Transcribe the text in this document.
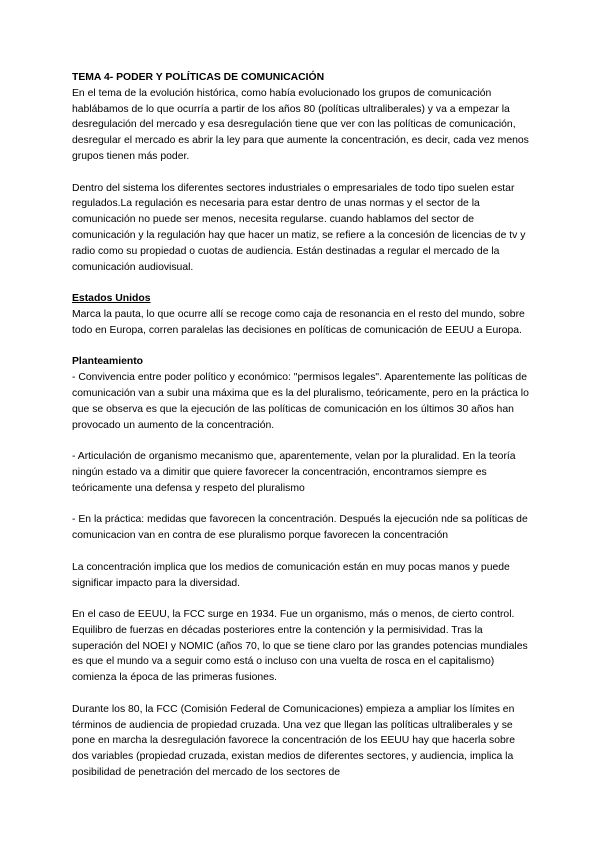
TEMA 4- PODER Y POLÍTICAS DE COMUNICACIÓN

En el tema de la evolución histórica, como había evolucionado los grupos de comunicación hablábamos de lo que ocurría a partir de los años 80 (políticas ultraliberales) y va a empezar la desregulación del mercado y esa desregulación tiene que ver con las políticas de comunicación, desregular el mercado es abrir la ley para que aumente la concentración, es decir, cada vez menos grupos tienen más poder.

Dentro del sistema los diferentes sectores industriales o empresariales de todo tipo suelen estar regulados.La regulación es necesaria para estar dentro de unas normas y el sector de la comunicación no puede ser menos, necesita regularse. cuando hablamos del sector de comunicación y la regulación hay que hacer un matiz, se refiere a la concesión de licencias de tv y radio como su propiedad o cuotas de audiencia. Están destinadas a regular el mercado de la comunicación audiovisual.

Estados Unidos

Marca la pauta, lo que ocurre allí se recoge como caja de resonancia en el resto del mundo, sobre todo en Europa, corren paralelas las decisiones en políticas de comunicación de EEUU a Europa.

Planteamiento

- Convivencia entre poder político y económico: "permisos legales". Aparentemente las políticas de comunicación van a subir una máxima que es la del pluralismo, teóricamente, pero en la práctica lo que se observa es que la ejecución de las políticas de comunicación en los últimos 30 años han provocado un aumento de la concentración.

- Articulación de organismo mecanismo que, aparentemente, velan por la pluralidad. En la teoría ningún estado va a dimitir que quiere favorecer la concentración, encontramos siempre es teóricamente una defensa y respeto del pluralismo

- En la práctica: medidas que favorecen la concentración. Después la ejecución nde sa políticas de comunicacion van en contra de ese pluralismo porque favorecen la concentración

La concentración implica que los medios de comunicación están en muy pocas manos y puede significar impacto para la diversidad.

En el caso de EEUU, la FCC surge en 1934. Fue un organismo, más o menos, de cierto control. Equilibro de fuerzas en décadas posteriores entre la contención y la permisividad. Tras la superación del NOEI y NOMIC (años 70, lo que se tiene claro por las grandes potencias mundiales es que el mundo va a seguir como está o incluso con una vuelta de rosca en el capitalismo) comienza la época de las primeras fusiones.

Durante los 80, la FCC (Comisión Federal de Comunicaciones) empieza a ampliar los límites en términos de audiencia de propiedad cruzada. Una vez que llegan las políticas ultraliberales y se pone en marcha la desregulación favorece la concentración de los EEUU hay que hacerla sobre dos variables (propiedad cruzada, existan medios de diferentes sectores, y audiencia, implica la posibilidad de penetración del mercado de los sectores de
